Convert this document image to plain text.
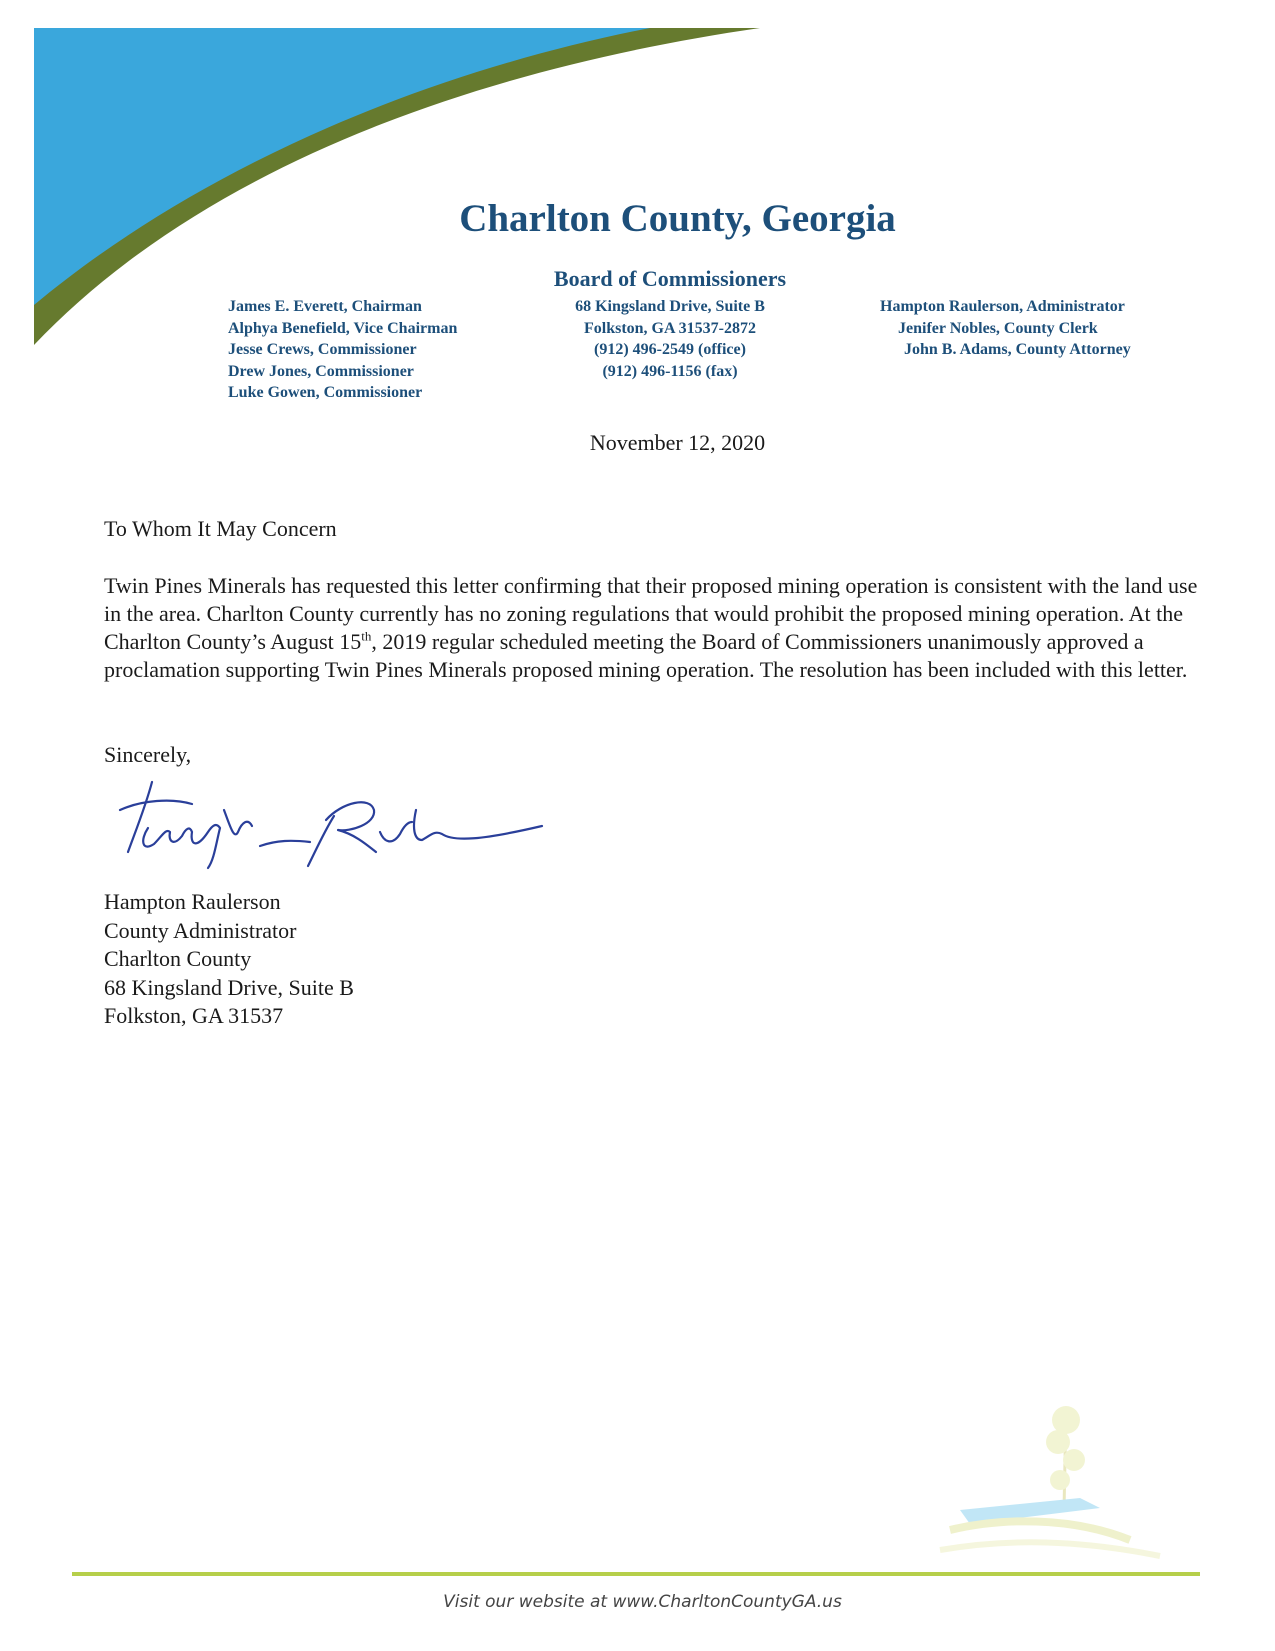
Charlton County, Georgia
Board of Commissioners
James E. Everett, Chairman
Alphya Benefield, Vice Chairman
Jesse Crews, Commissioner
Drew Jones, Commissioner
Luke Gowen, Commissioner
68 Kingsland Drive, Suite B
Folkston, GA 31537-2872
(912) 496-2549 (office)
(912) 496-1156 (fax)
Hampton Raulerson, Administrator
Jenifer Nobles, County Clerk
John B. Adams, County Attorney
November 12, 2020
To Whom It May Concern
Twin Pines Minerals has requested this letter confirming that their proposed mining operation is consistent with the land use in the area. Charlton County currently has no zoning regulations that would prohibit the proposed mining operation. At the Charlton County’s August 15th, 2019 regular scheduled meeting the Board of Commissioners unanimously approved a proclamation supporting Twin Pines Minerals proposed mining operation. The resolution has been included with this letter.
Sincerely,
Hampton Raulerson
County Administrator
Charlton County
68 Kingsland Drive, Suite B
Folkston, GA 31537
Visit our website at www.CharltonCountyGA.us
